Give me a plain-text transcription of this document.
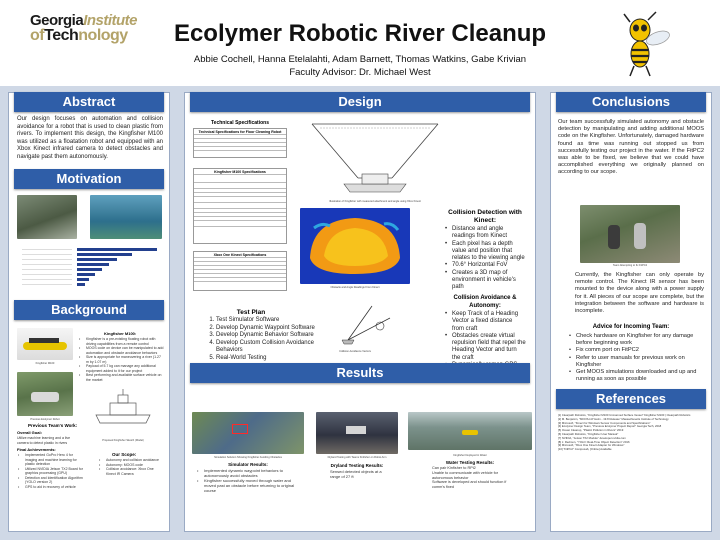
GeorgiaInstitute
ofTechnology	Ecolymer Robotic River Cleanup
Abbie Cochell, Hanna Etelalahti, Adam Barnett, Thomas Watkins, Gabe Krivian
Faculty Advisor: Dr. Michael West
Abstract
Our design focuses on automation and collision avoidance for a robot that is used to clean plastic from rivers. To implement this design, the Kingfisher M100 was utilized as a floatation robot and equipped with an Xbox Kinect infrared camera to detect obstacles and navigate past them autonomously.
Motivation
Background
Kingfisher M100
Kingfisher M100:
• Kingfisher is a pre-existing floating robot with driving capabilities from a remote control
• MOOS code on device can be manipulated to add automation and obstacle avoidance behaviors
• Size is appropriate for maneuvering a river (1.27 m by 1.07 m)
• Payload of 5.7 kg can manage any additional equipment added to it for our project
• Best performing and available surface vehicle on the market
Previous Ecolymer Robot
Proposed Kingfisher Sketch (Model)
Previous Team's Work:
Overall Goal:
Utilize machine learning and a live camera to detect plastic in rivers
Final Achievements:
• Implemented GoPro Hero 4 for imaging and machine learning for plastic detection
• Utilized NVIDIA Jetson TX2 Board for graphics processing (GPU)
• Detection and Identification Algorithm (YOLO version 2)
• GPS to aid in recovery of vehicle
Our Scope:
• Autonomy and collision avoidance
• Autonomy: MOOS code
• Collision avoidance: Xbox One Kinect IR Camera
Design
Technical Specifications
Technical Specifications for Floor Cleaning Robot
Kingfisher M100 Specifications
Xbox One Kinect Specifications
Illustration of Kingfisher with measured attachment and angle using Xbox Kinect
Obstacle and Angle Readings From Kinect
Collision Avoidance Vectors
Collision Detection with Kinect:
• Distance and angle readings from Kinect
• Each pixel has a depth value and position that relates to the viewing angle
• 70.6° Horizontal FoV
• Creates a 3D map of environment in vehicle's path
Collision Avoidance & Autonomy:
• Keep Track of a Heading Vector a fixed distance from craft
• Obstacles create virtual repulsion field that repel the Heading Vector and turn the craft
•
Test Plan
1. Test Simulator Software
2. Develop Dynamic Waypoint Software
3. Develop Dynamic Behavior Software
4. Develop Custom Collision Avoidance Behaviors
5. Real-World Testing
Results
Simulation Solution Showing Kingfisher Avoiding Obstacles
Simulator Results:
• Implemented dynamic waypoint behaviors to autonomously avoid obstacles
• Kingfisher successfully moved through water and moved past an obstacle before returning to original course
Dryland Testing with Teams Kinfisher on Robot Arm
Dryland Testing Results:
Sensed detected objects at a range of 27 ft
Kingfisher Deployed in Water
Water Testing Results:
Can pair Kinfisher to RPi2
Unable to communicate with vehicle for autonomous behavior
Software is developed and should function if comm's fixed
Conclusions
Our team successfully simulated autonomy and obstacle detection by manipulating and adding additional MOOS code on the Kingfisher. Unfortunately, damaged hardware found as time was running out stopped us from successfully testing our project in the water. If the FitPC2 was able to be fixed, we believe that we could have accomplished everything we originally planned on according to our scope.
Team Attempting to fix FitPC2
Currently, the Kingfisher can only operate by remote control. The Kinect IR sensor has been mounted to the device along with a power supply for it. All pieces of our scope are complete, but the integration between the software and hardware is incomplete.
Advice for Incoming Team:
• Check hardware on Kingfisher for any damage before beginning work
• Fix comm port on FitPC2
• Refer to user manuals for previous work on Kingfisher
• Get MOOS simulations downloaded and up and running as soon as possible
References
[1] Clearpath Robotics, "Kingfisher M100 Unmanned Surface Vessel" Kingfisher M100 | Clearpath Robotics
[2] M. Benjamin, "MOOS-IvP Helm - 19.8 Release" Massachusetts Institute of Technology
[3] Microsoft, "Kinect for Windows Sensor Components and Specifications"
[4] Ecolymer Design Team, "Previous Ecolymer Project Report" Georgia Tech, 2018
[5] Ocean Cleanup, "Plastic Pollution in Rivers" 2019
[6] Clearpath Robotics, "Kingfisher User Manual"
[7] NVIDIA, "Jetson TX2 Module" developer.nvidia.com
[8] J. Redmon, "YOLO: Real-Time Object Detection" 2016
[9] Microsoft, "Xbox One Kinect Adapter for Windows"
[10] "FitPC2" CompuLab, [Online] Available
